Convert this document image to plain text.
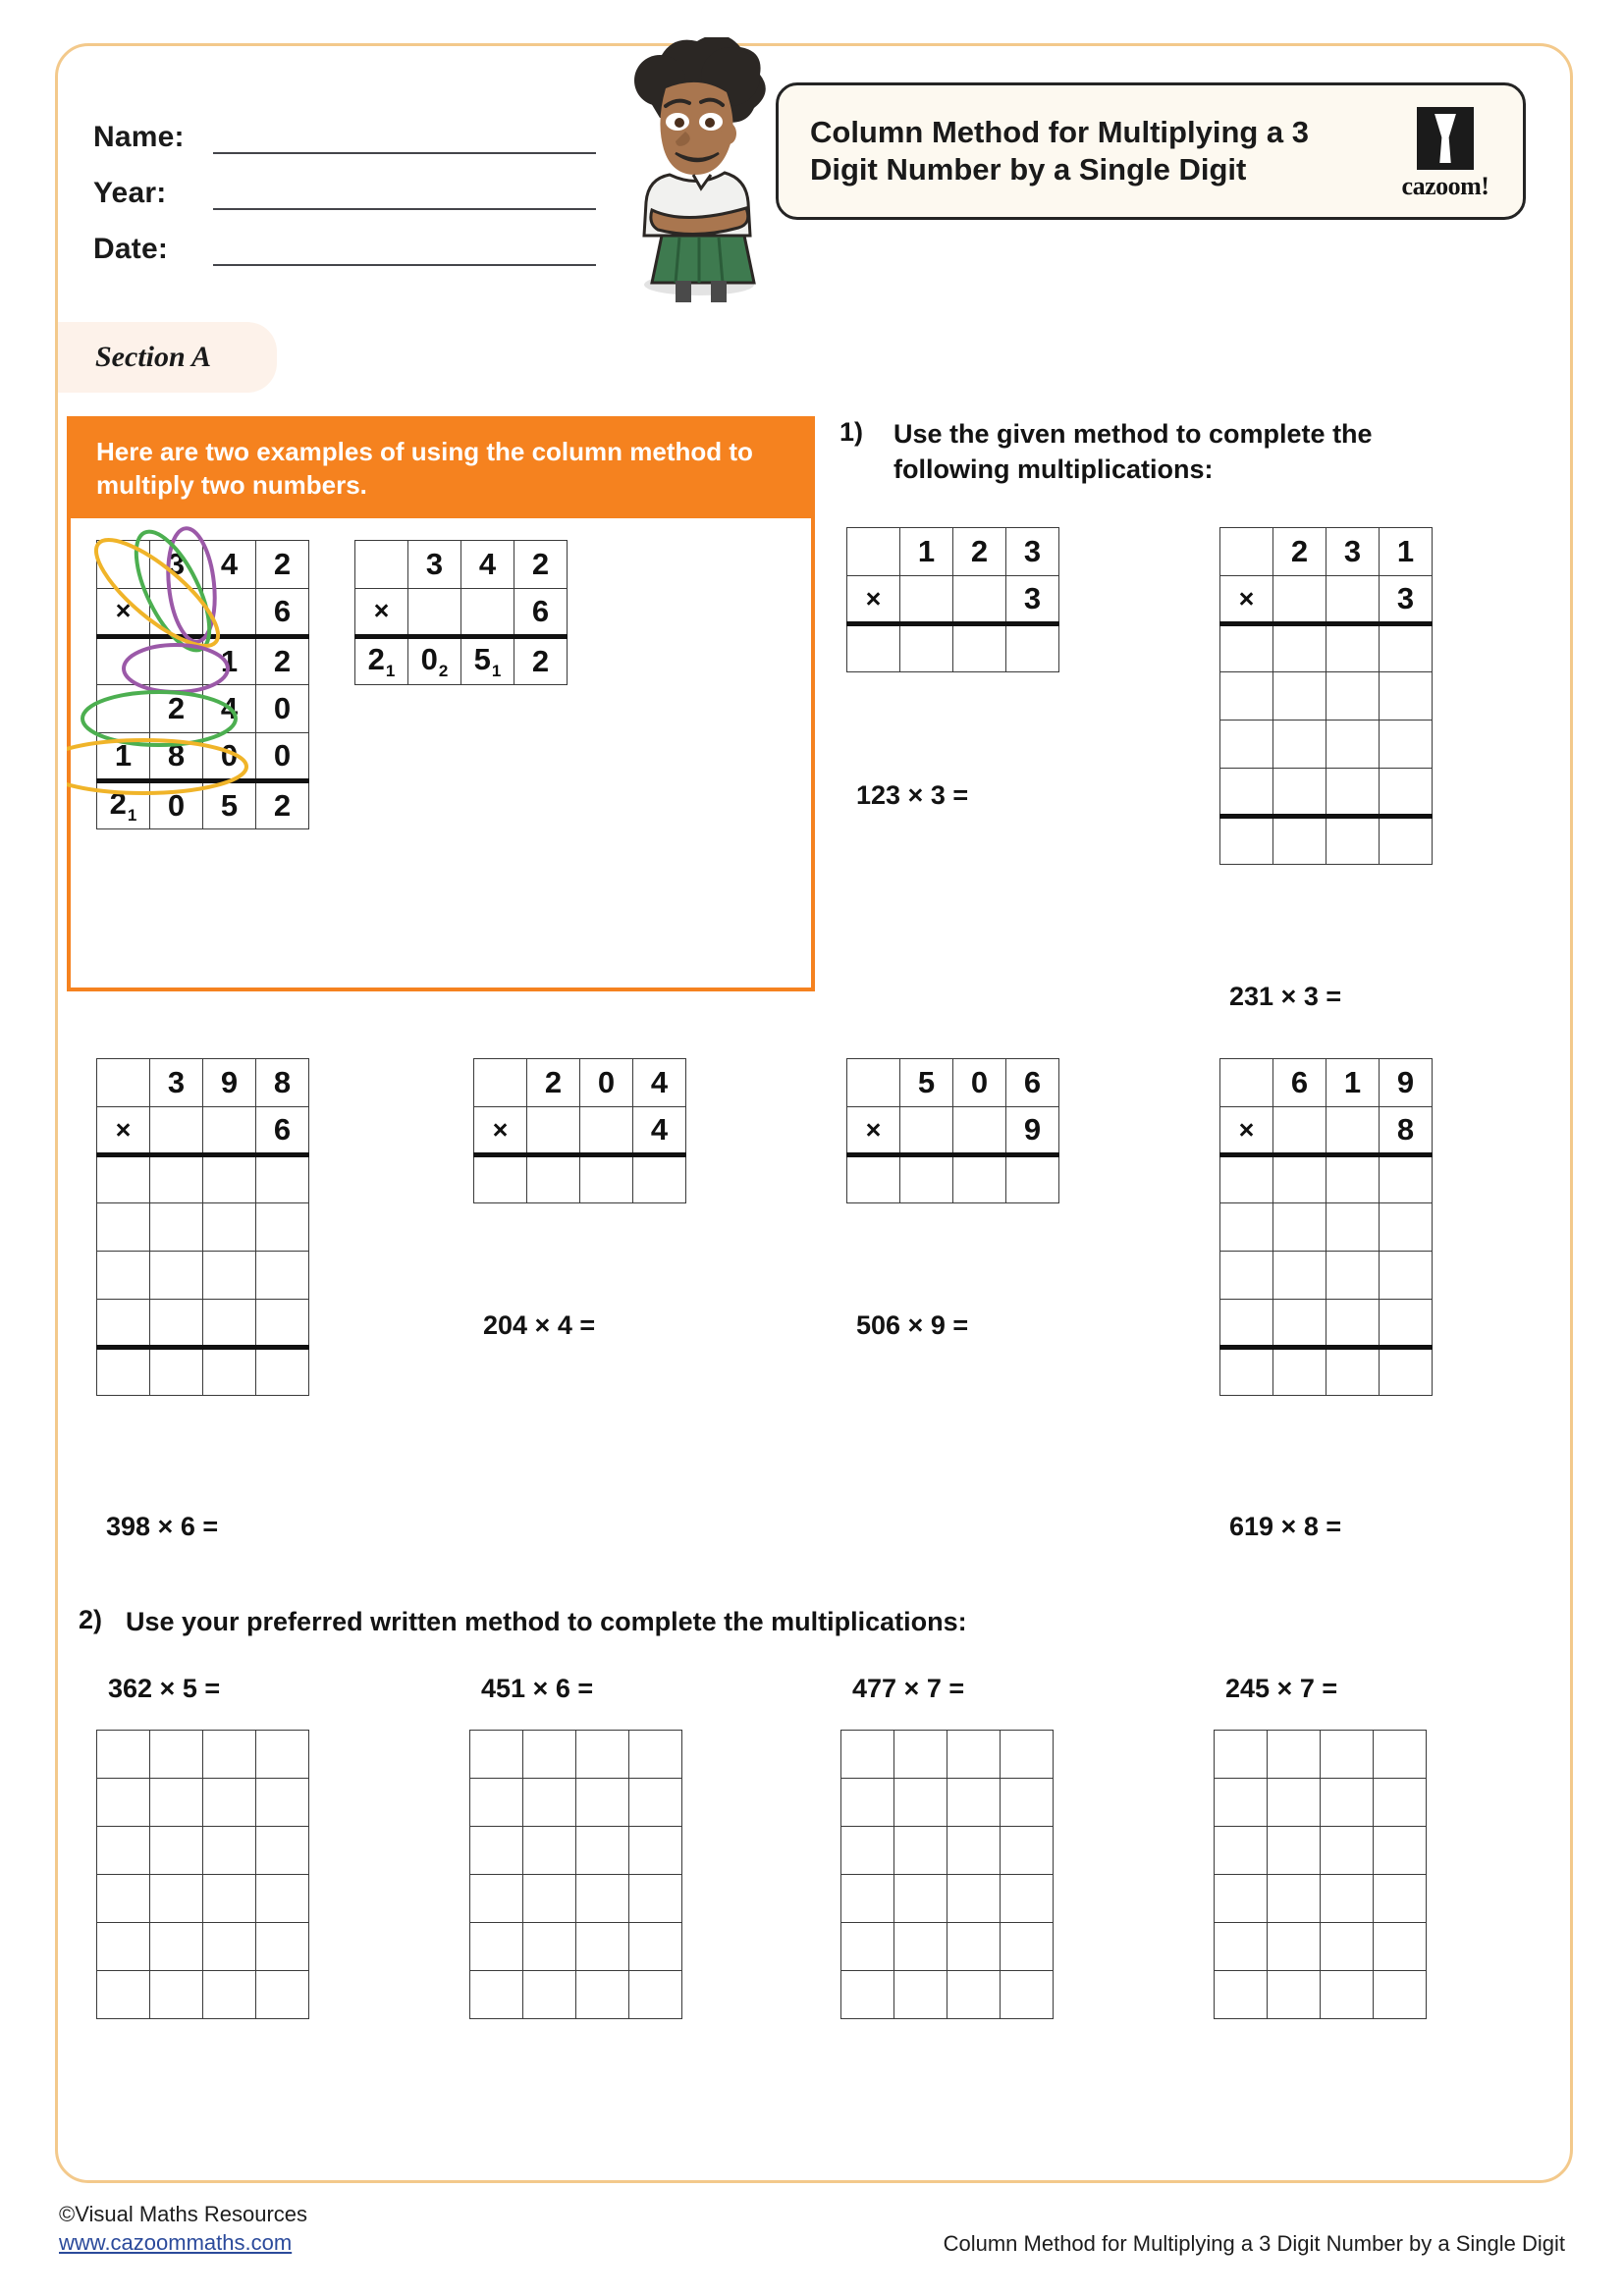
Name:
Year:
Date:
Column Method for Multiplying a 3 Digit Number by a Single Digit	cazoom!
Section A
Here are two examples of using the column method to multiply two numbers.
	3	4	2
×			6
		1	2
	2	4	0
1	8	0	0
$2_1$	0	5	2
	3	4	2
×			6
$2_1$	$0_2$	$5_1$	2
1) Use the given method to complete the following multiplications:
	1	2	3
×			3

123 × 3 =
	2	3	1
×			3

231 × 3 =
	3	9	8
×			6

398 × 6 =
	2	0	4
×			4

204 × 4 =
	5	0	6
×			9

506 × 9 =
	6	1	9
×			8

619 × 8 =
2) Use your preferred written method to complete the multiplications:
362 × 5 =

				451 × 6 =

				477 × 7 =

				245 × 7 =

©Visual Maths Resources
www.cazoommaths.com	Column Method for Multiplying a 3 Digit Number by a Single Digit
